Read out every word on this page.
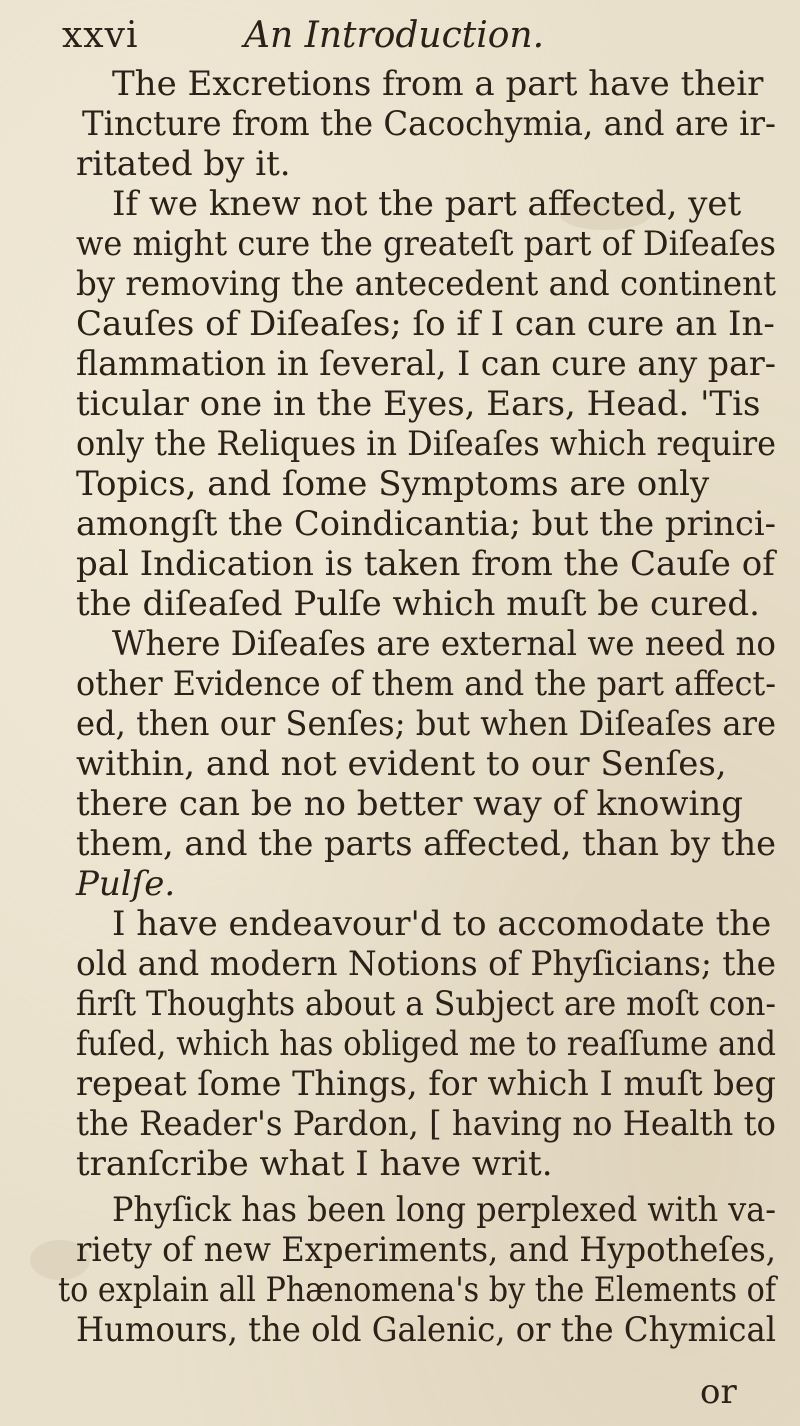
xxvi	An Introduction.
The Excretions from a part have their
Tincture from the Cacochymia, and are ir-
ritated by it.
If we knew not the part affected, yet
we might cure the greateſt part of Diſeaſes
by removing the antecedent and continent
Cauſes of Diſeaſes; ſo if I can cure an In-
flammation in ſeveral, I can cure any par-
ticular one in the Eyes, Ears, Head. 'Tis
only the Reliques in Diſeaſes which require
Topics, and ſome Symptoms are only
amongſt the Coindicantia; but the princi-
pal Indication is taken from the Cauſe of
the diſeaſed Pulſe which muſt be cured.
Where Diſeaſes are external we need no
other Evidence of them and the part affect-
ed, then our Senſes; but when Diſeaſes are
within, and not evident to our Senſes,
there can be no better way of knowing
them, and the parts affected, than by the
Pulſe.
I have endeavour'd to accomodate the
old and modern Notions of Phyſicians; the
firſt Thoughts about a Subject are moſt con-
fuſed, which has obliged me to reaſſume and
repeat ſome Things, for which I muſt beg
the Reader's Pardon, [ having no Health to
tranſcribe what I have writ.
Phyſick has been long perplexed with va-
riety of new Experiments, and Hypotheſes,
to explain all Phænomena's by the Elements of
Humours, the old Galenic, or the Chymical
or
